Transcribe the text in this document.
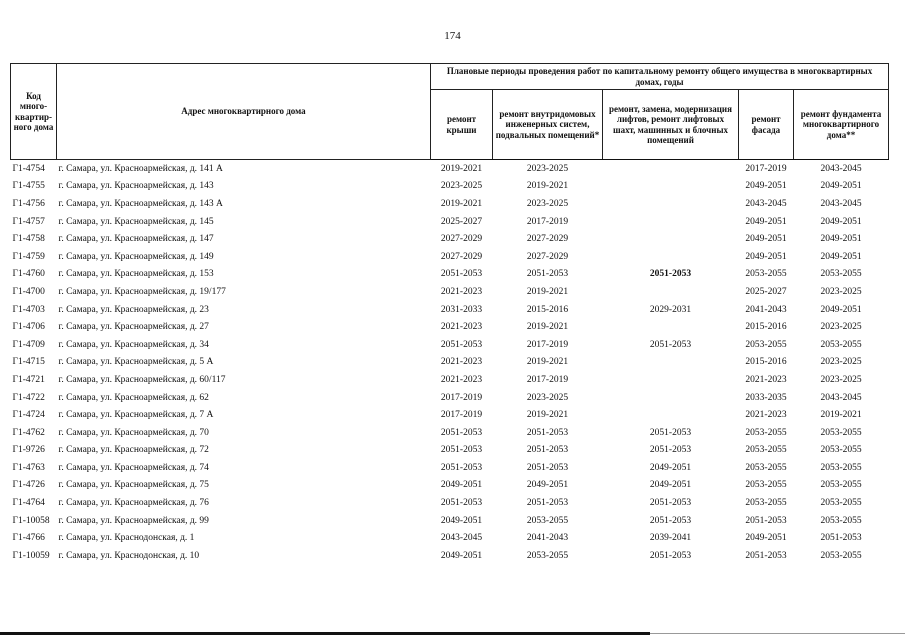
174
Код много-квартир-ного дома	Адрес многоквартирного дома	Плановые периоды проведения работ по капитальному ремонту общего имущества в многоквартирных домах, годы				
		ремонт крыши	ремонт внутридомовых инженерных систем, подвальных помещений*	ремонт, замена, модернизация лифтов, ремонт лифтовых шахт, машинных и блочных помещений	ремонт фасада	ремонт фундамента многоквартирного дома**
Г1-4754	г. Самара, ул. Красноармейская, д. 141 А	2019-2021	2023-2025		2017-2019	2043-2045
Г1-4755	г. Самара, ул. Красноармейская, д. 143	2023-2025	2019-2021		2049-2051	2049-2051
Г1-4756	г. Самара, ул. Красноармейская, д. 143 А	2019-2021	2023-2025		2043-2045	2043-2045
Г1-4757	г. Самара, ул. Красноармейская, д. 145	2025-2027	2017-2019		2049-2051	2049-2051
Г1-4758	г. Самара, ул. Красноармейская, д. 147	2027-2029	2027-2029		2049-2051	2049-2051
Г1-4759	г. Самара, ул. Красноармейская, д. 149	2027-2029	2027-2029		2049-2051	2049-2051
Г1-4760	г. Самара, ул. Красноармейская, д. 153	2051-2053	2051-2053	2051-2053	2053-2055	2053-2055
Г1-4700	г. Самара, ул. Красноармейская, д. 19/177	2021-2023	2019-2021		2025-2027	2023-2025
Г1-4703	г. Самара, ул. Красноармейская, д. 23	2031-2033	2015-2016	2029-2031	2041-2043	2049-2051
Г1-4706	г. Самара, ул. Красноармейская, д. 27	2021-2023	2019-2021		2015-2016	2023-2025
Г1-4709	г. Самара, ул. Красноармейская, д. 34	2051-2053	2017-2019	2051-2053	2053-2055	2053-2055
Г1-4715	г. Самара, ул. Красноармейская, д. 5 А	2021-2023	2019-2021		2015-2016	2023-2025
Г1-4721	г. Самара, ул. Красноармейская, д. 60/117	2021-2023	2017-2019		2021-2023	2023-2025
Г1-4722	г. Самара, ул. Красноармейская, д. 62	2017-2019	2023-2025		2033-2035	2043-2045
Г1-4724	г. Самара, ул. Красноармейская, д. 7 А	2017-2019	2019-2021		2021-2023	2019-2021
Г1-4762	г. Самара, ул. Красноармейская, д. 70	2051-2053	2051-2053	2051-2053	2053-2055	2053-2055
Г1-9726	г. Самара, ул. Красноармейская, д. 72	2051-2053	2051-2053	2051-2053	2053-2055	2053-2055
Г1-4763	г. Самара, ул. Красноармейская, д. 74	2051-2053	2051-2053	2049-2051	2053-2055	2053-2055
Г1-4726	г. Самара, ул. Красноармейская, д. 75	2049-2051	2049-2051	2049-2051	2053-2055	2053-2055
Г1-4764	г. Самара, ул. Красноармейская, д. 76	2051-2053	2051-2053	2051-2053	2053-2055	2053-2055
Г1-10058	г. Самара, ул. Красноармейская, д. 99	2049-2051	2053-2055	2051-2053	2051-2053	2053-2055
Г1-4766	г. Самара, ул. Краснодонская, д. 1	2043-2045	2041-2043	2039-2041	2049-2051	2051-2053
Г1-10059	г. Самара, ул. Краснодонская, д. 10	2049-2051	2053-2055	2051-2053	2051-2053	2053-2055
